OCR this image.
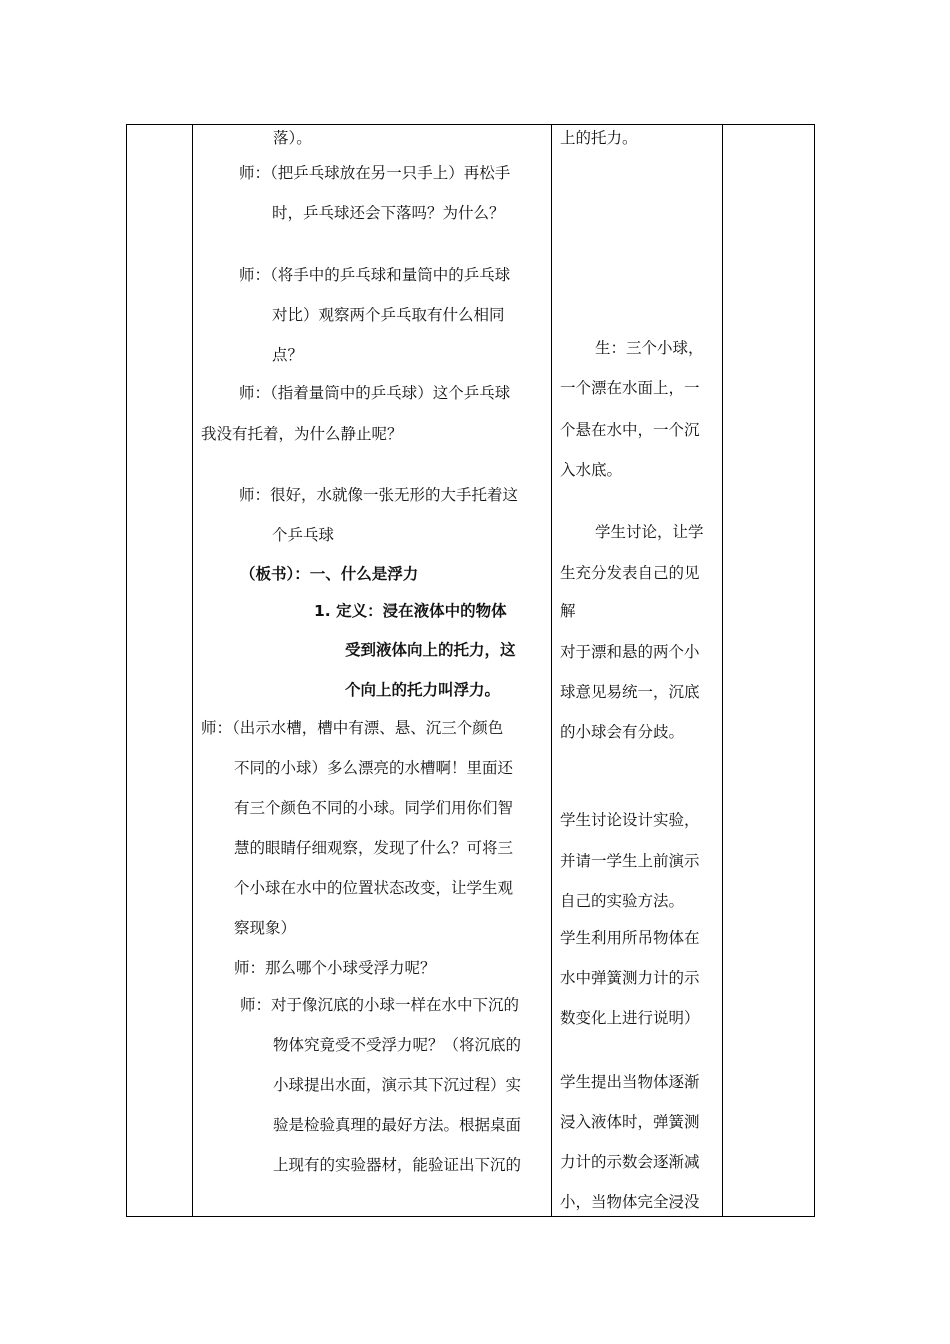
落）。
师：（把乒乓球放在另一只手上）再松手
时，乒乓球还会下落吗？为什么？
师：（将手中的乒乓球和量筒中的乒乓球
对比）观察两个乒乓取有什么相同
点？
师：（指着量筒中的乒乓球）这个乒乓球
我没有托着，为什么静止呢？
师：很好，水就像一张无形的大手托着这
个乒乓球
（板书）：一、什么是浮力
1. 定义：浸在液体中的物体
受到液体向上的托力，这
个向上的托力叫浮力。
师：（出示水槽，槽中有漂、悬、沉三个颜色
不同的小球）多么漂亮的水槽啊！里面还
有三个颜色不同的小球。同学们用你们智
慧的眼睛仔细观察，发现了什么？可将三
个小球在水中的位置状态改变，让学生观
察现象）
师：那么哪个小球受浮力呢？
师：对于像沉底的小球一样在水中下沉的
物体究竟受不受浮力呢？（将沉底的
小球提出水面，演示其下沉过程）实
验是检验真理的最好方法。根据桌面
上现有的实验器材，能验证出下沉的
上的托力。
生：三个小球，
一个漂在水面上，一
个悬在水中，一个沉
入水底。
学生讨论，让学
生充分发表自己的见
解
对于漂和悬的两个小
球意见易统一，沉底
的小球会有分歧。
学生讨论设计实验，
并请一学生上前演示
自己的实验方法。
学生利用所吊物体在
水中弹簧测力计的示
数变化上进行说明）
学生提出当物体逐渐
浸入液体时，弹簧测
力计的示数会逐渐减
小，当物体完全浸没
